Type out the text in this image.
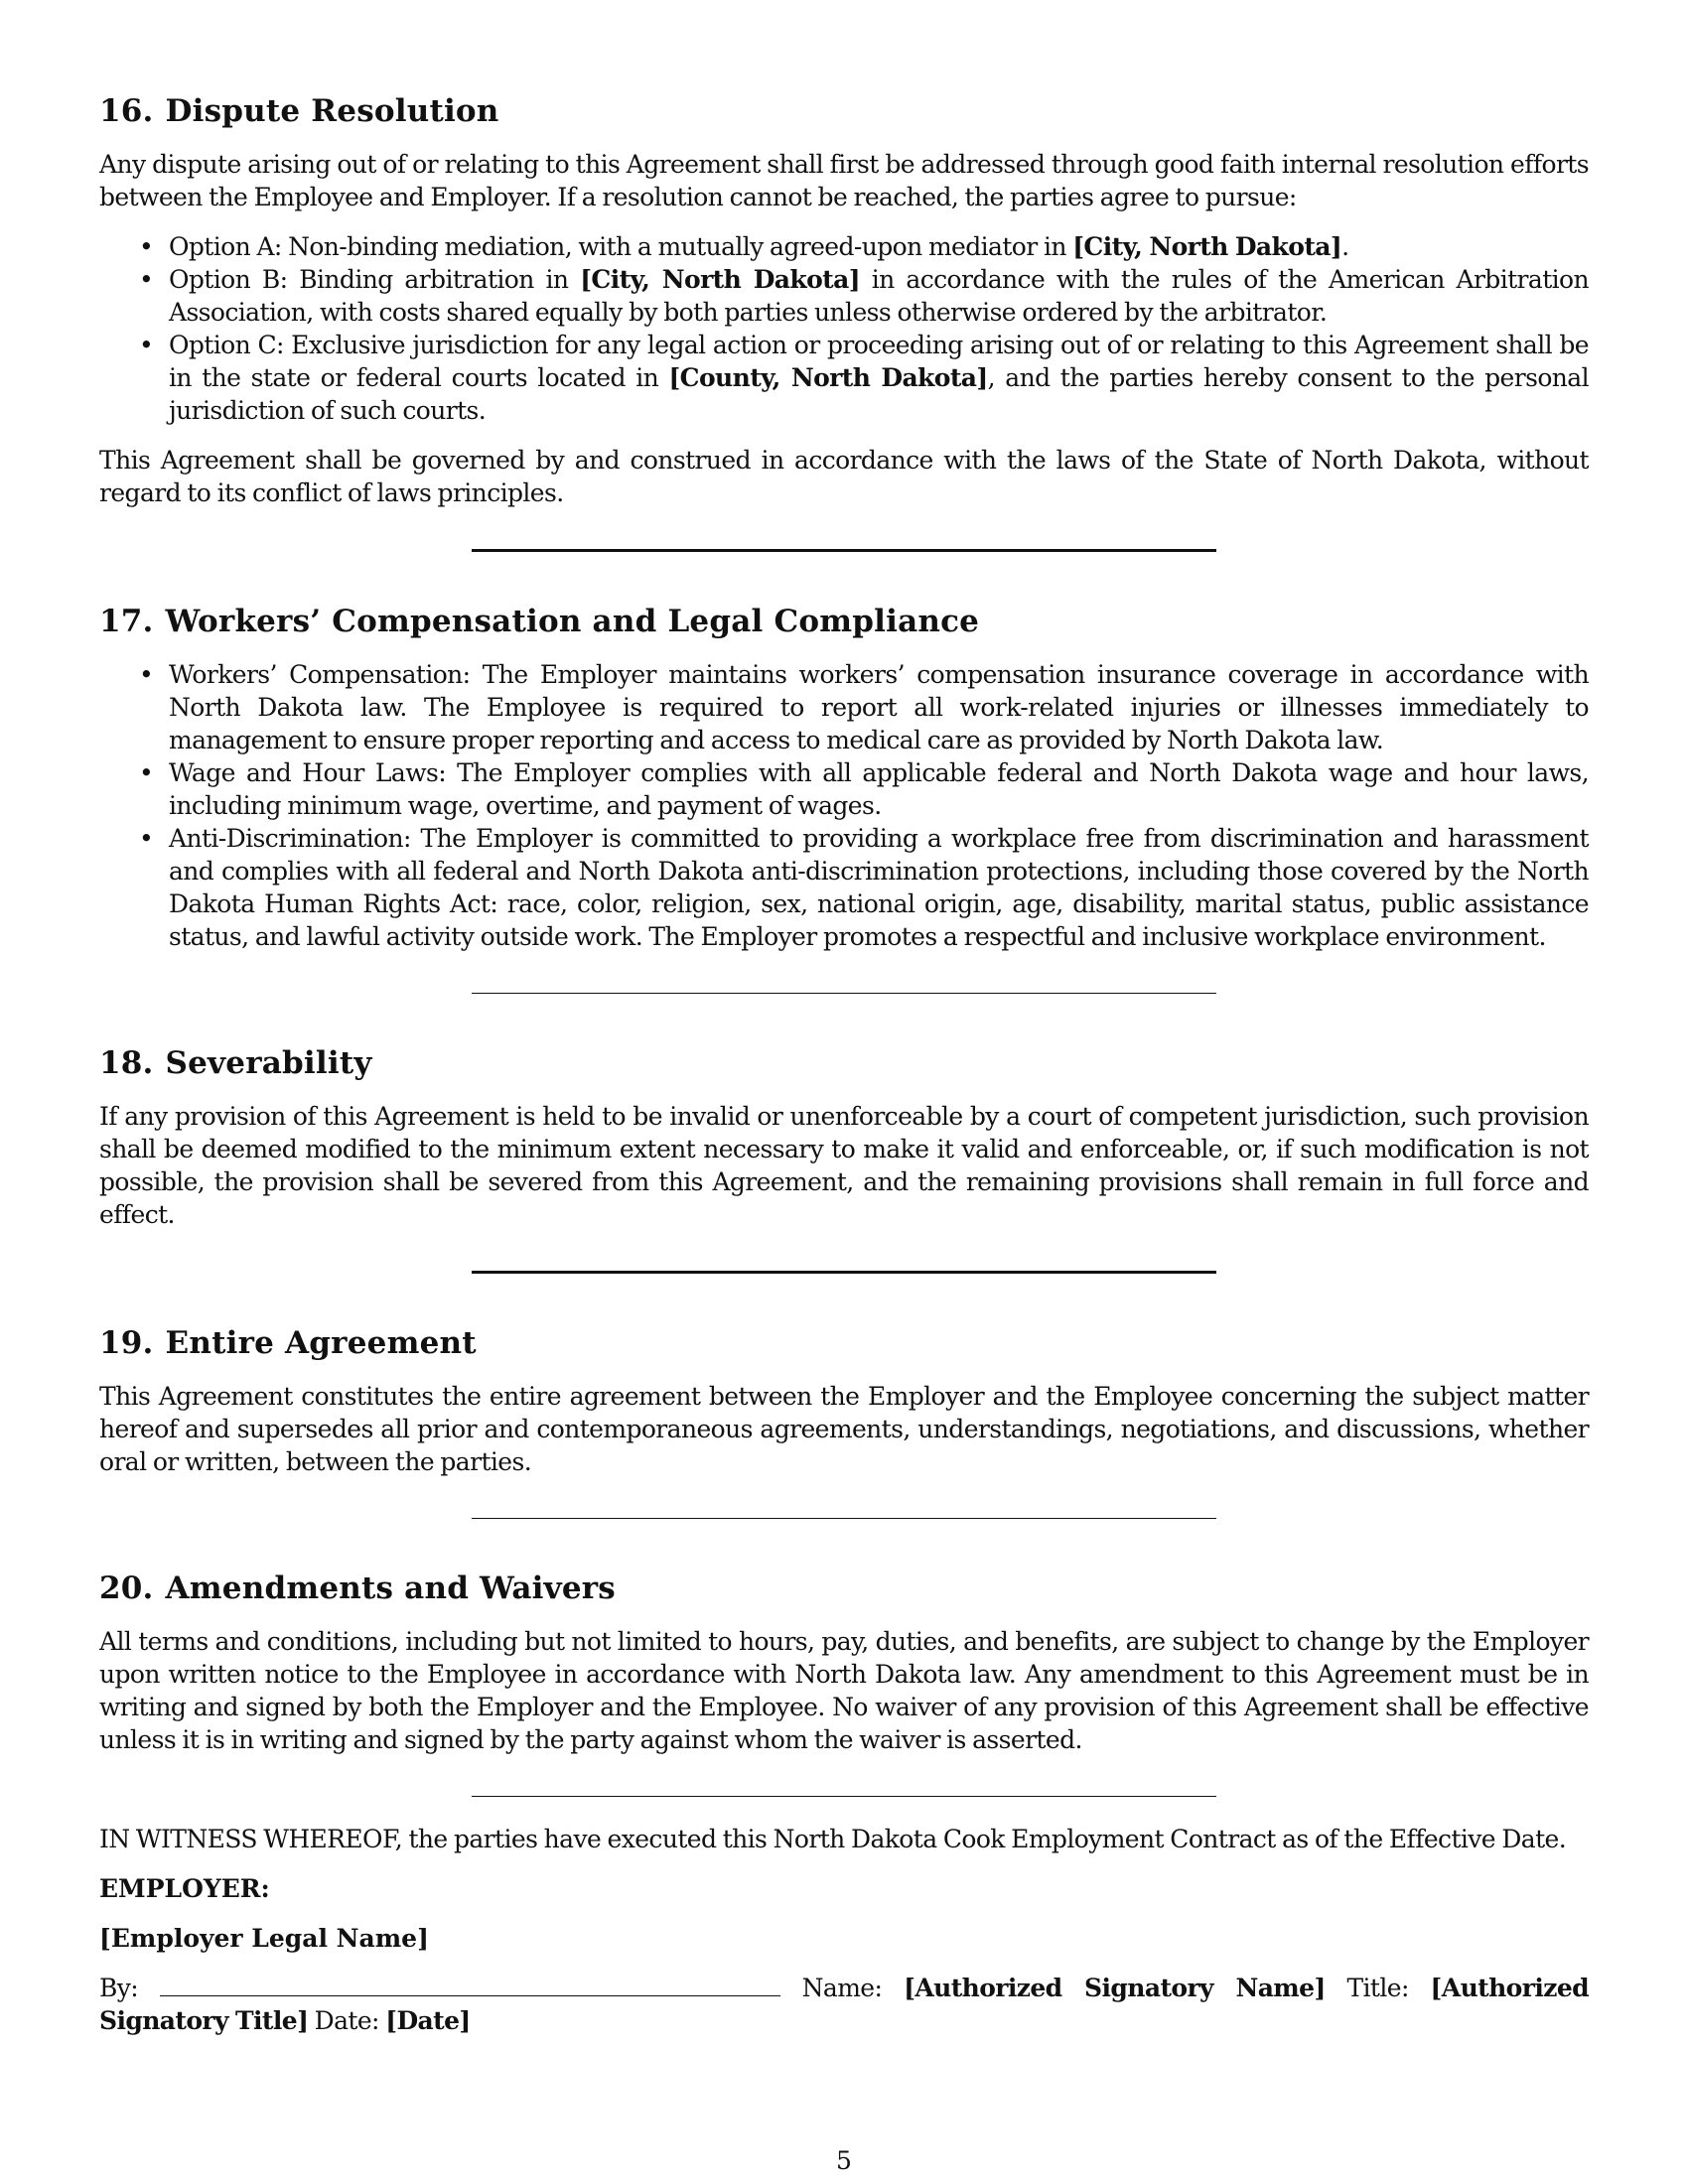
16. Dispute Resolution

Any dispute arising out of or relating to this Agreement shall first be addressed through good faith internal resolution efforts between the Employee and Employer. If a resolution cannot be reached, the parties agree to pursue:

• Option A: Non-binding mediation, with a mutually agreed-upon mediator in [City, North Dakota].
• Option B: Binding arbitration in [City, North Dakota] in accordance with the rules of the American Arbitration Association, with costs shared equally by both parties unless otherwise ordered by the arbitrator.
• Option C: Exclusive jurisdiction for any legal action or proceeding arising out of or relating to this Agreement shall be in the state or federal courts located in [County, North Dakota], and the parties hereby consent to the personal jurisdiction of such courts.

This Agreement shall be governed by and construed in accordance with the laws of the State of North Dakota, without regard to its conflict of laws principles.

17. Workers’ Compensation and Legal Compliance
• Workers’ Compensation: The Employer maintains workers’ compensation insurance coverage in accordance with North Dakota law. The Employee is required to report all work-related injuries or illnesses immediately to management to ensure proper reporting and access to medical care as provided by North Dakota law.
• Wage and Hour Laws: The Employer complies with all applicable federal and North Dakota wage and hour laws, including minimum wage, overtime, and payment of wages.
• Anti-Discrimination: The Employer is committed to providing a workplace free from discrimination and harassment and complies with all federal and North Dakota anti-discrimination protections, including those covered by the North Dakota Human Rights Act: race, color, religion, sex, national origin, age, disability, marital status, public assistance status, and lawful activity outside work. The Employer promotes a respectful and inclusive workplace environment.
18. Severability

If any provision of this Agreement is held to be invalid or unenforceable by a court of competent jurisdiction, such provision shall be deemed modified to the minimum extent necessary to make it valid and enforceable, or, if such modification is not possible, the provision shall be severed from this Agreement, and the remaining provisions shall remain in full force and effect.

19. Entire Agreement

This Agreement constitutes the entire agreement between the Employer and the Employee concerning the subject matter hereof and supersedes all prior and contemporaneous agreements, understandings, negotiations, and discussions, whether oral or written, between the parties.

20. Amendments and Waivers

All terms and conditions, including but not limited to hours, pay, duties, and benefits, are subject to change by the Employer upon written notice to the Employee in accordance with North Dakota law. Any amendment to this Agreement must be in writing and signed by both the Employer and the Employee. No waiver of any provision of this Agreement shall be effective unless it is in writing and signed by the party against whom the waiver is asserted.

IN WITNESS WHEREOF, the parties have executed this North Dakota Cook Employment Contract as of the Effective Date.

EMPLOYER:
[Employer Legal Name]

By:	Name: [Authorized Signatory Name] Title: [Authorized Signatory Title] Date: [Date]

5
